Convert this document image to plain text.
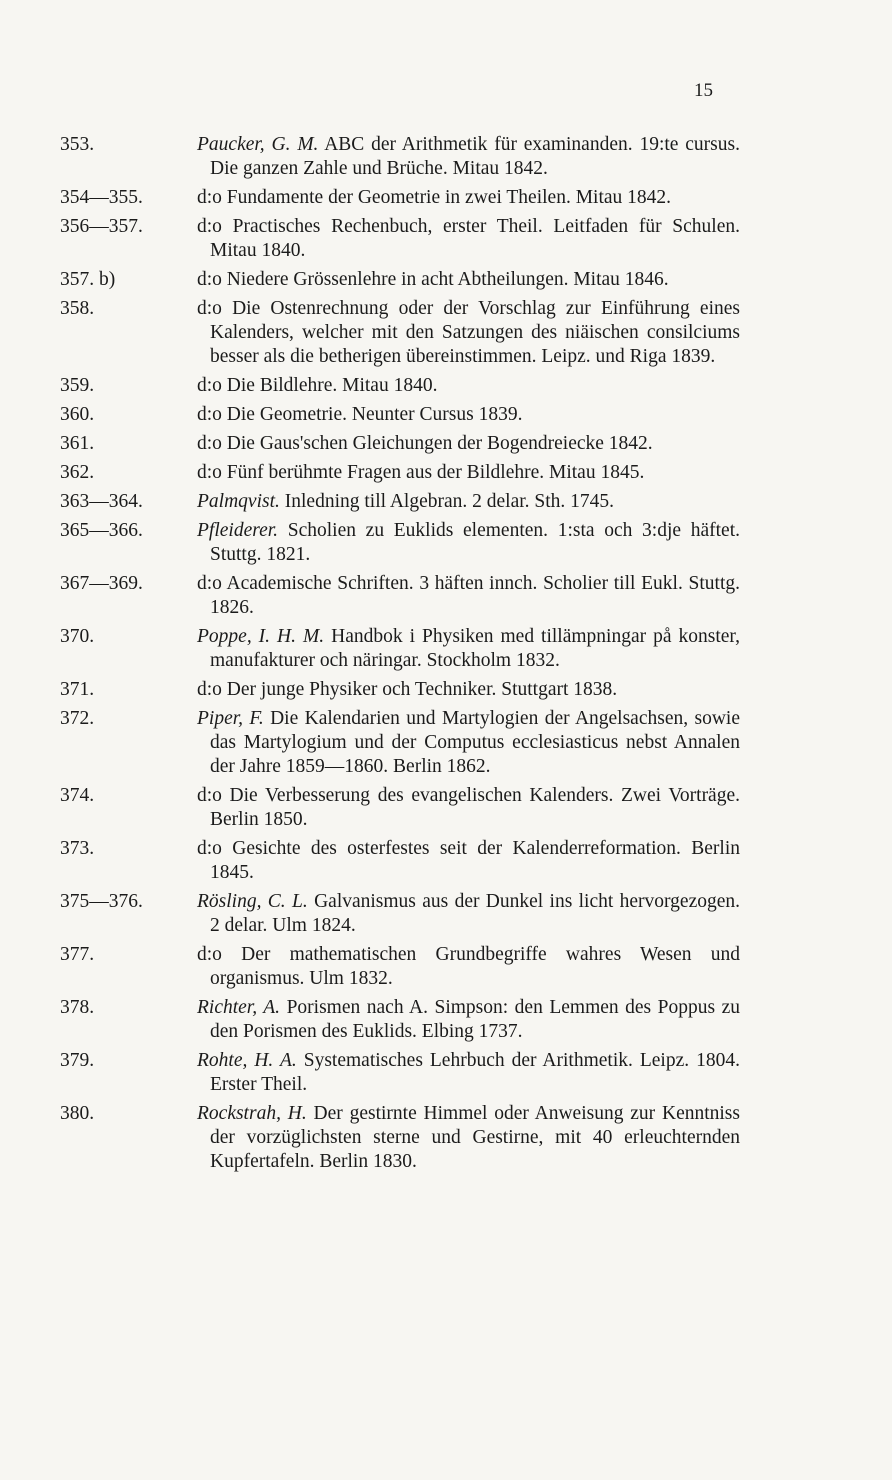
15
353.	Paucker, G. M. ABC der Arithmetik für examinanden. 19:te cursus. Die ganzen Zahle und Brüche. Mitau 1842.
354—355.	d:o Fundamente der Geometrie in zwei Theilen. Mitau 1842.
356—357.	d:o Practisches Rechenbuch, erster Theil. Leitfaden für Schulen. Mitau 1840.
357. b)	d:o Niedere Grössenlehre in acht Abtheilungen. Mitau 1846.
358.	d:o Die Ostenrechnung oder der Vorschlag zur Einführung eines Kalenders, welcher mit den Satzungen des niäischen consilciums besser als die betherigen übereinstimmen. Leipz. und Riga 1839.
359.	d:o Die Bildlehre. Mitau 1840.
360.	d:o Die Geometrie. Neunter Cursus 1839.
361.	d:o Die Gaus'schen Gleichungen der Bogendreiecke 1842.
362.	d:o Fünf berühmte Fragen aus der Bildlehre. Mitau 1845.
363—364.	Palmqvist. Inledning till Algebran. 2 delar. Sth. 1745.
365—366.	Pfleiderer. Scholien zu Euklids elementen. 1:sta och 3:dje häftet. Stuttg. 1821.
367—369.	d:o Academische Schriften. 3 häften innch. Scholier till Eukl. Stuttg. 1826.
370.	Poppe, I. H. M. Handbok i Physiken med tillämpningar på konster, manufakturer och näringar. Stockholm 1832.
371.	d:o Der junge Physiker och Techniker. Stuttgart 1838.
372.	Piper, F. Die Kalendarien und Martylogien der Angelsachsen, sowie das Martylogium und der Computus ecclesiasticus nebst Annalen der Jahre 1859—1860. Berlin 1862.
374.	d:o Die Verbesserung des evangelischen Kalenders. Zwei Vorträge. Berlin 1850.
373.	d:o Gesichte des osterfestes seit der Kalenderreformation. Berlin 1845.
375—376.	Rösling, C. L. Galvanismus aus der Dunkel ins licht hervorgezogen. 2 delar. Ulm 1824.
377.	d:o Der mathematischen Grundbegriffe wahres Wesen und organismus. Ulm 1832.
378.	Richter, A. Porismen nach A. Simpson: den Lemmen des Poppus zu den Porismen des Euklids. Elbing 1737.
379.	Rohte, H. A. Systematisches Lehrbuch der Arithmetik. Leipz. 1804. Erster Theil.
380.	Rockstrah, H. Der gestirnte Himmel oder Anweisung zur Kenntniss der vorzüglichsten sterne und Gestirne, mit 40 erleuchternden Kupfertafeln. Berlin 1830.
